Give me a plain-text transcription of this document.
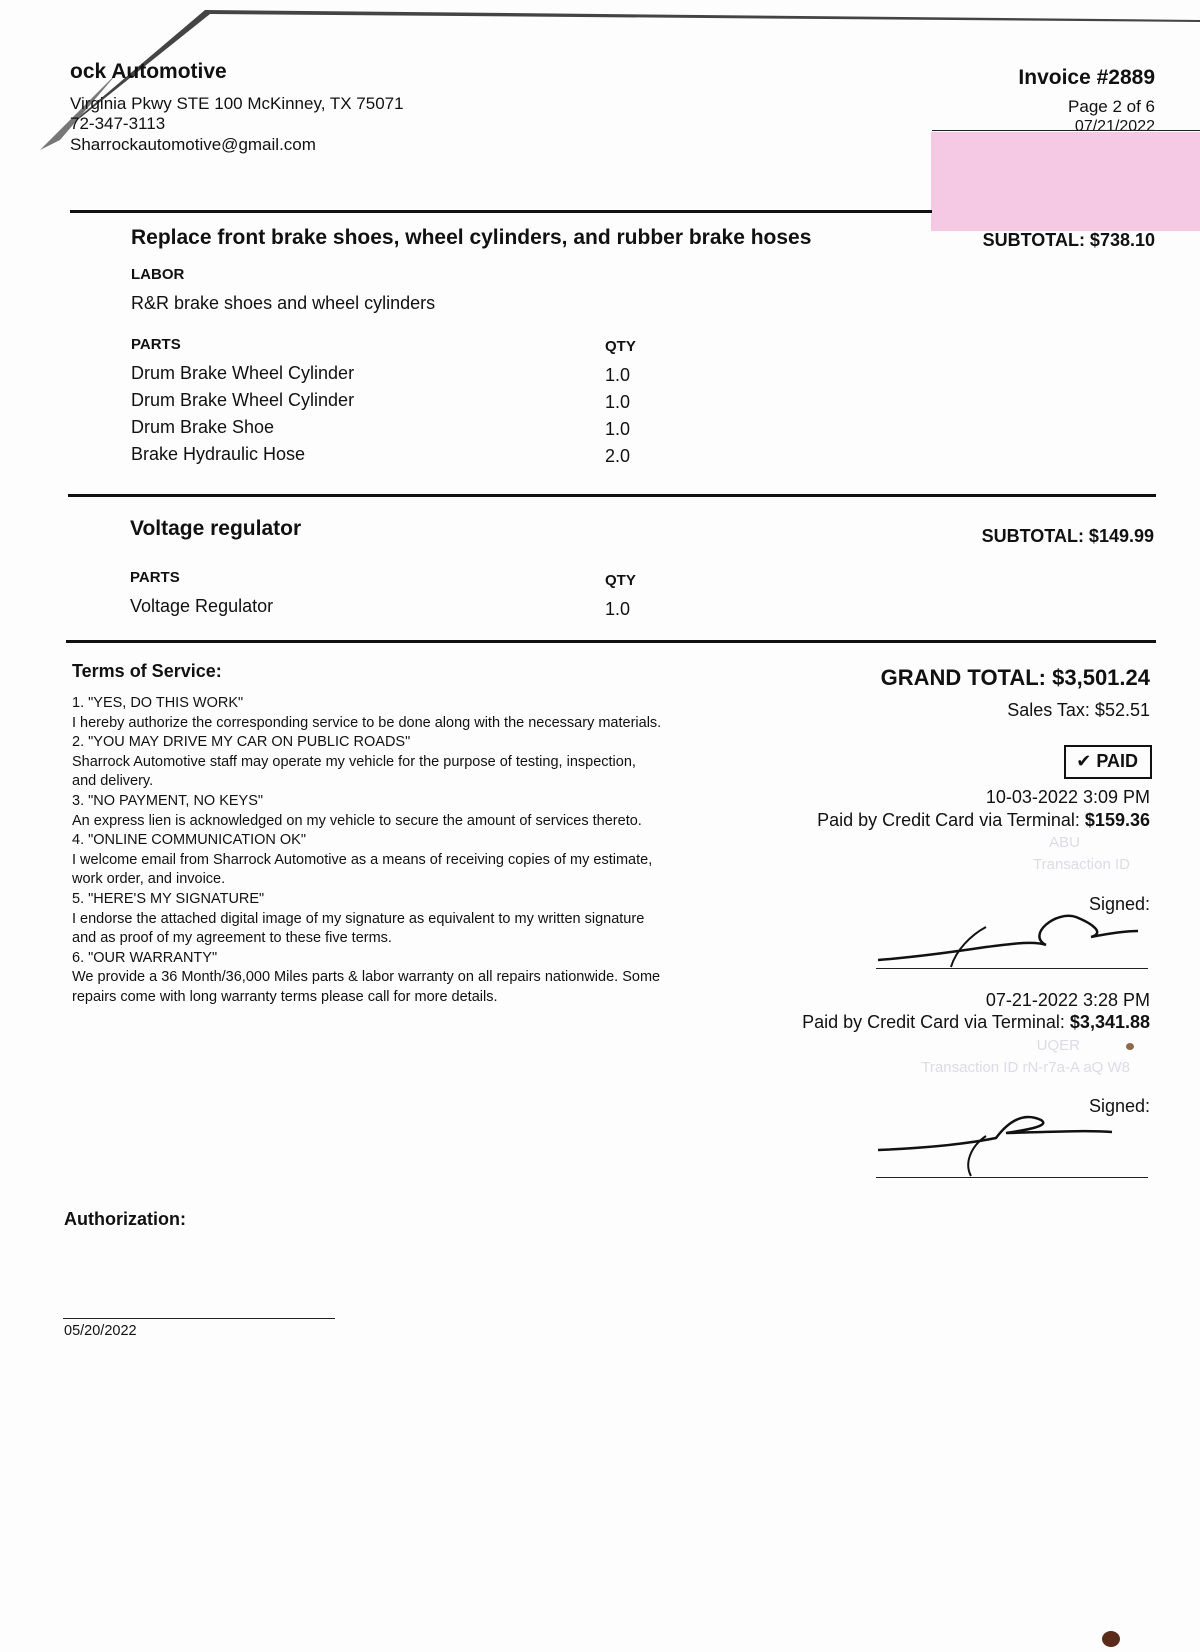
ock Automotive
Virginia Pkwy STE 100 McKinney, TX 75071
72-347-3113
Sharrockautomotive@gmail.com
Invoice #2889
Page 2 of 6
07/21/2022
Replace front brake shoes, wheel cylinders, and rubber brake hoses	SUBTOTAL: $738.10
LABOR
R&R brake shoes and wheel cylinders
PARTS	QTY
Drum Brake Wheel Cylinder	1.0
Drum Brake Wheel Cylinder	1.0
Drum Brake Shoe	1.0
Brake Hydraulic Hose	2.0
Voltage regulator	SUBTOTAL: $149.99
PARTS	QTY
Voltage Regulator	1.0
Terms of Service:
1. "YES, DO THIS WORK"
I hereby authorize the corresponding service to be done along with the necessary materials.
2. "YOU MAY DRIVE MY CAR ON PUBLIC ROADS"
Sharrock Automotive staff may operate my vehicle for the purpose of testing, inspection,
and delivery.
3. "NO PAYMENT, NO KEYS"
An express lien is acknowledged on my vehicle to secure the amount of services thereto.
4. "ONLINE COMMUNICATION OK"
I welcome email from Sharrock Automotive as a means of receiving copies of my estimate,
work order, and invoice.
5. "HERE'S MY SIGNATURE"
I endorse the attached digital image of my signature as equivalent to my written signature
and as proof of my agreement to these five terms.
6. "OUR WARRANTY"
We provide a 36 Month/36,000 Miles parts & labor warranty on all repairs nationwide. Some
repairs come with long warranty terms please call for more details.
GRAND TOTAL: $3,501.24
Sales Tax: $52.51
✔ PAID
10-03-2022 3:09 PM
Paid by Credit Card via Terminal: $159.36
ABU
Transaction ID
Signed:
07-21-2022 3:28 PM
Paid by Credit Card via Terminal: $3,341.88
UQER
Transaction ID rN-r7a-A aQ W8
Signed:
Authorization:
05/20/2022
